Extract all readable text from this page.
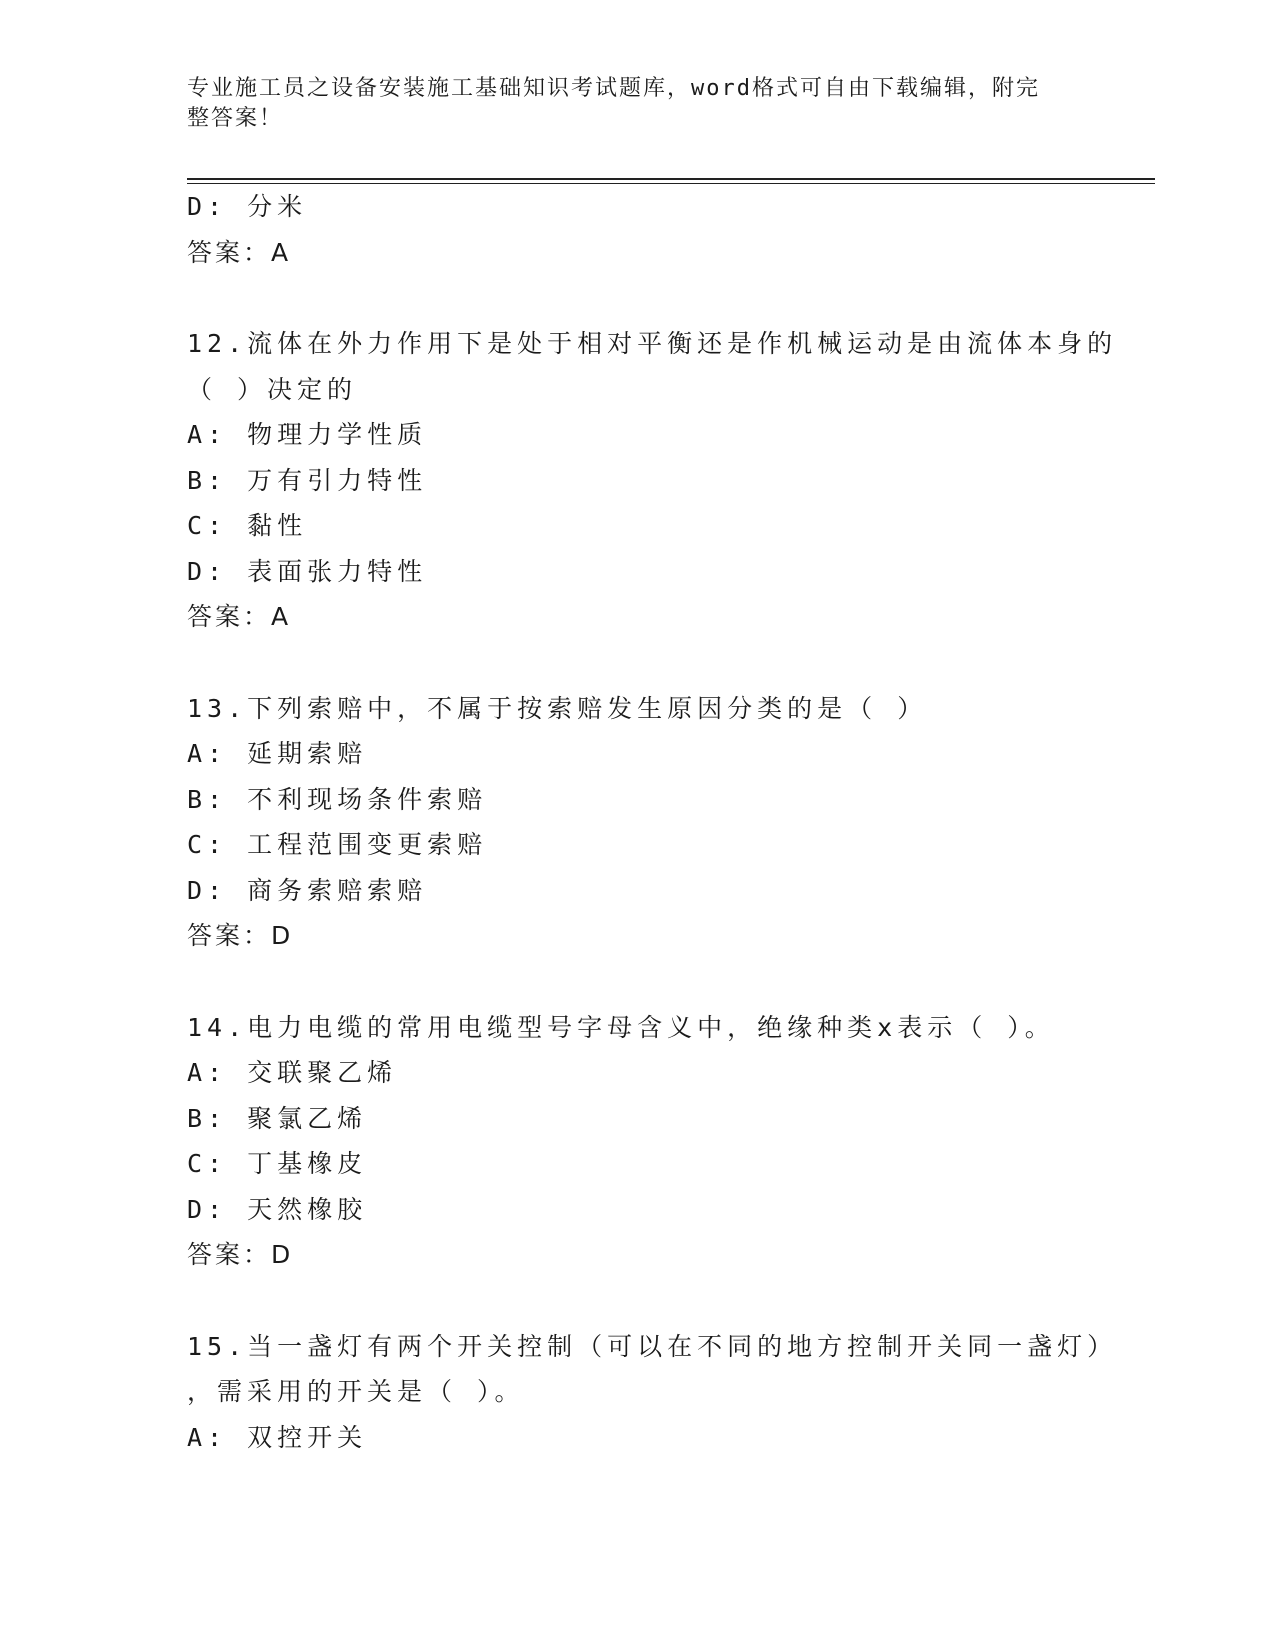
专业施工员之设备安装施工基础知识考试题库，word格式可自由下载编辑，附完
整答案！
D: 分米
答案：A
12.流体在外力作用下是处于相对平衡还是作机械运动是由流体本身的
（ ）决定的
A: 物理力学性质
B: 万有引力特性
C: 黏性
D: 表面张力特性
答案：A
13.下列索赔中，不属于按索赔发生原因分类的是（ ）
A: 延期索赔
B: 不利现场条件索赔
C: 工程范围变更索赔
D: 商务索赔索赔
答案：D
14.电力电缆的常用电缆型号字母含义中，绝缘种类x表示（ ）。
A: 交联聚乙烯
B: 聚氯乙烯
C: 丁基橡皮
D: 天然橡胶
答案：D
15.当一盏灯有两个开关控制（可以在不同的地方控制开关同一盏灯）
，需采用的开关是（ ）。
A: 双控开关
